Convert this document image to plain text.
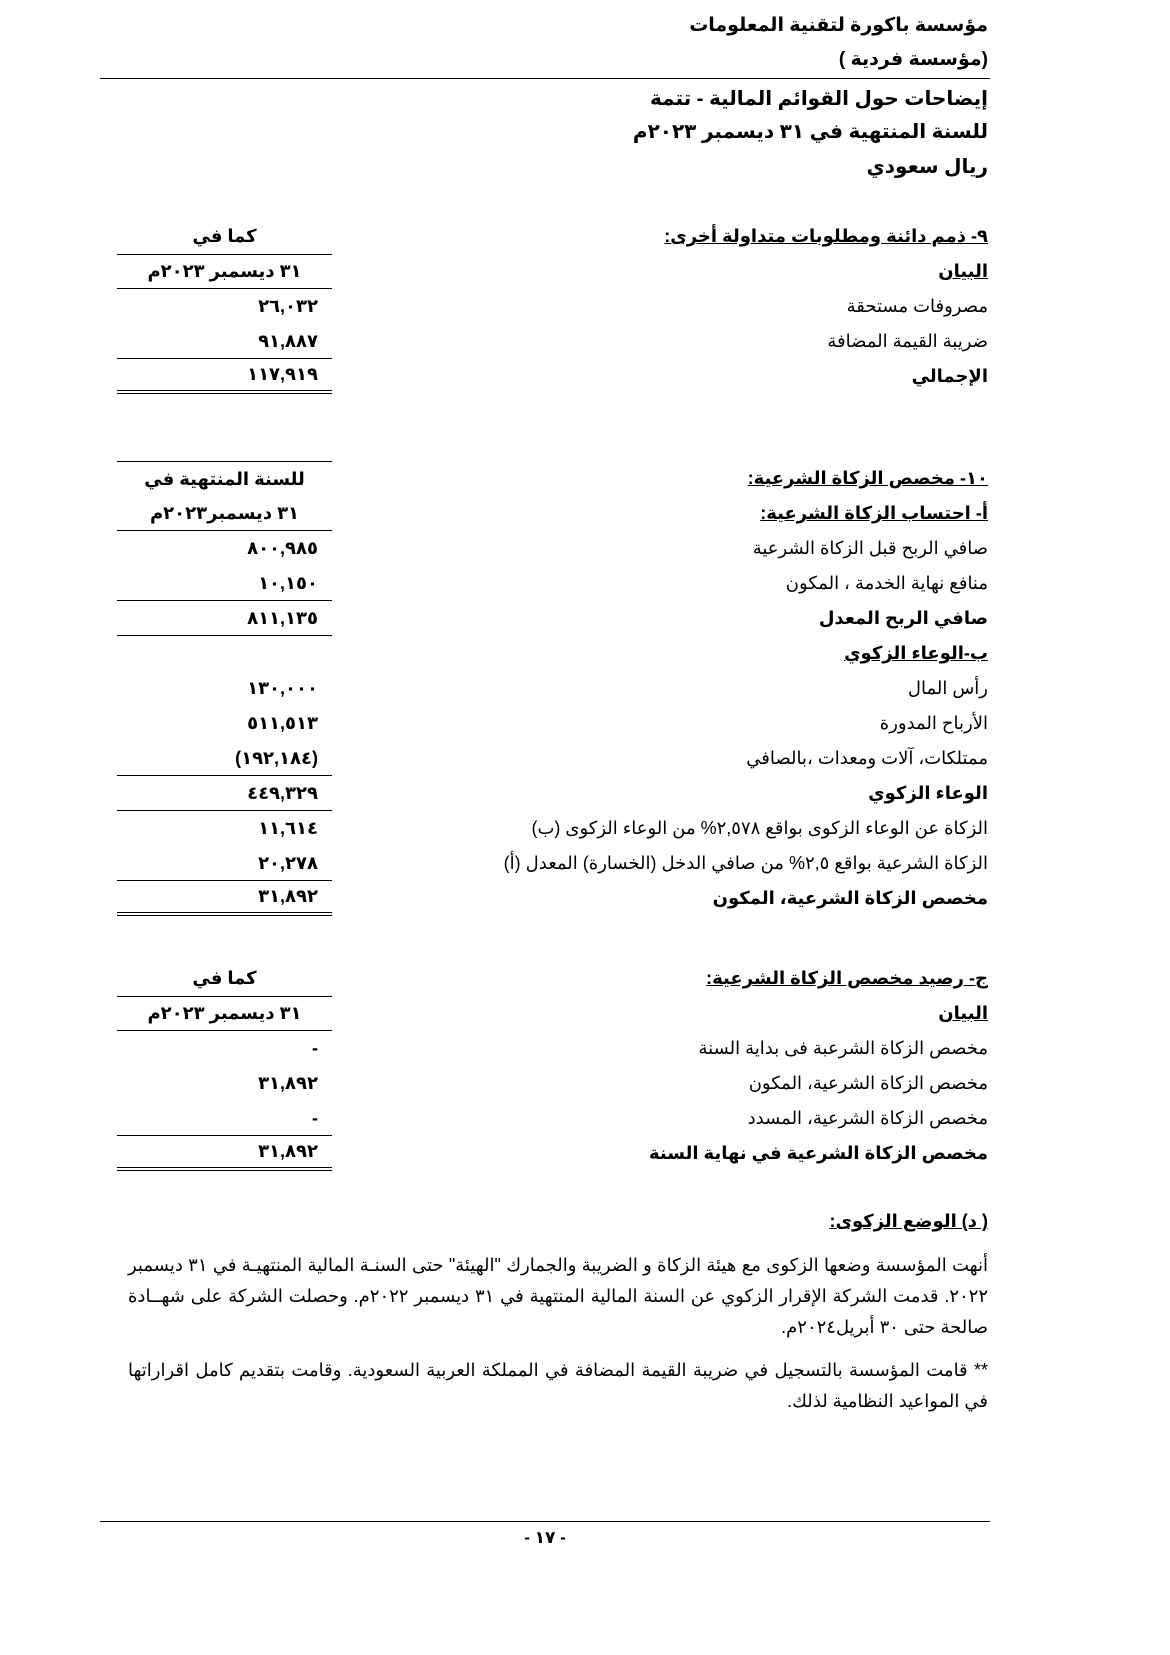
مؤسسة باكورة لتقنية المعلومات
(مؤسسة فردية )
إيضاحات حول القوائم المالية - تتمة
للسنة المنتهية في ٣١ ديسمبر ٢٠٢٣م
ريال سعودي
٩- ذمم دائنة ومطلوبات متداولة أخرى:
كما في
البيان
٣١ ديسمبر ٢٠٢٣م
مصروفات مستحقة
٢٦,٠٣٢
ضريبة القيمة المضافة
٩١,٨٨٧
الإجمالي
١١٧,٩١٩
١٠- مخصص الزكاة الشرعية:
للسنة المنتهية في
أ- احتساب الزكاة الشرعية:
٣١ ديسمبر٢٠٢٣م
صافي الربح قبل الزكاة الشرعية
٨٠٠,٩٨٥
منافع نهاية الخدمة ، المكون
١٠,١٥٠
صافي الربح المعدل
٨١١,١٣٥
ب-الوعاء الزكوي
رأس المال
١٣٠,٠٠٠
الأرباح المدورة
٥١١,٥١٣
ممتلكات، آلات ومعدات ،بالصافي
(١٩٢,١٨٤)
الوعاء الزكوي
٤٤٩,٣٢٩
الزكاة عن الوعاء الزكوى بواقع ٢,٥٧٨% من الوعاء الزكوى (ب)
١١,٦١٤
الزكاة الشرعية بواقع ٢,٥% من صافي الدخل (الخسارة) المعدل (أ)
٢٠,٢٧٨
مخصص الزكاة الشرعية، المكون
٣١,٨٩٢
ج- رصيد مخصص الزكاة الشرعية:
كما في
البيان
٣١ ديسمبر ٢٠٢٣م
مخصص الزكاة الشرعبة فى بداية السنة
-
مخصص الزكاة الشرعية، المكون
٣١,٨٩٢
مخصص الزكاة الشرعية، المسدد
-
مخصص الزكاة الشرعية في نهاية السنة
٣١,٨٩٢
( د) الوضع الزكوى:
أنهت المؤسسة وضعها الزكوى مع هيئة الزكاة و الضريبة والجمارك "الهيئة" حتى السنـة المالية المنتهيـة في ٣١ ديسمبر ٢٠٢٢. قدمت الشركة الإقرار الزكوي عن السنة المالية المنتهية في ٣١ ديسمبر ٢٠٢٢م. وحصلت الشركة على شهــادة صالحة حتى ٣٠ أبريل٢٠٢٤م.
** قامت المؤسسة بالتسجيل في ضريبة القيمة المضافة في المملكة العربية السعودية. وقامت بتقديم كامل اقراراتها في المواعيد النظامية لذلك.
- ١٧ -
